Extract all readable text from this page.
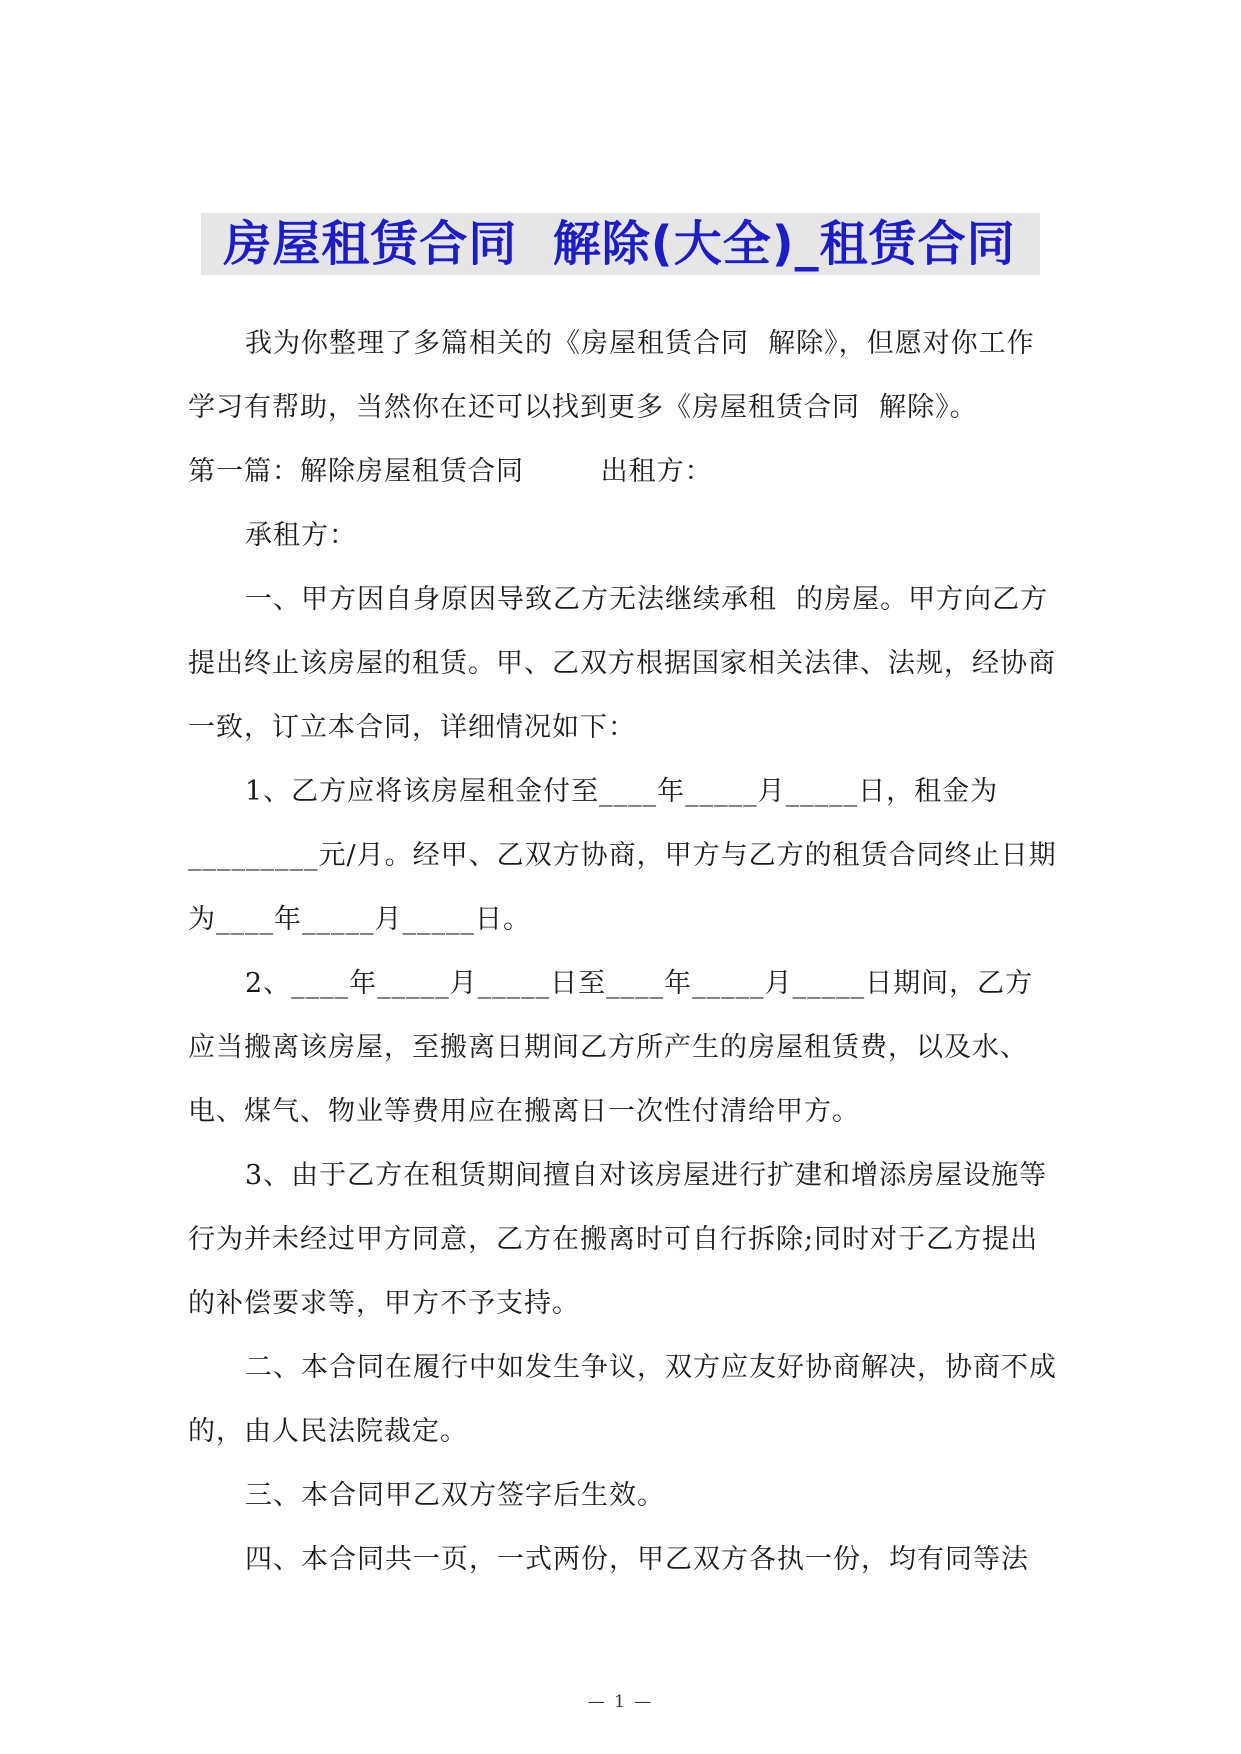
房屋租赁合同  解除(大全)_租赁合同

我为你整理了多篇相关的《房屋租赁合同  解除》，但愿对你工作学习有帮助，当然你在还可以找到更多《房屋租赁合同  解除》。

第一篇：解除房屋租赁合同        出租方：

承租方：

一、甲方因自身原因导致乙方无法继续承租  的房屋。甲方向乙方提出终止该房屋的租赁。甲、乙双方根据国家相关法律、法规，经协商一致，订立本合同，详细情况如下：

1、乙方应将该房屋租金付至____年_____月_____日，租金为_________元/月。经甲、乙双方协商，甲方与乙方的租赁合同终止日期为____年_____月_____日。

2、____年_____月_____日至____年_____月_____日期间，乙方应当搬离该房屋，至搬离日期间乙方所产生的房屋租赁费，以及水、电、煤气、物业等费用应在搬离日一次性付清给甲方。

3、由于乙方在租赁期间擅自对该房屋进行扩建和增添房屋设施等行为并未经过甲方同意，乙方在搬离时可自行拆除;同时对于乙方提出的补偿要求等，甲方不予支持。

二、本合同在履行中如发生争议，双方应友好协商解决，协商不成的，由人民法院裁定。

三、本合同甲乙双方签字后生效。

四、本合同共一页，一式两份，甲乙双方各执一份，均有同等法

— 1 —
